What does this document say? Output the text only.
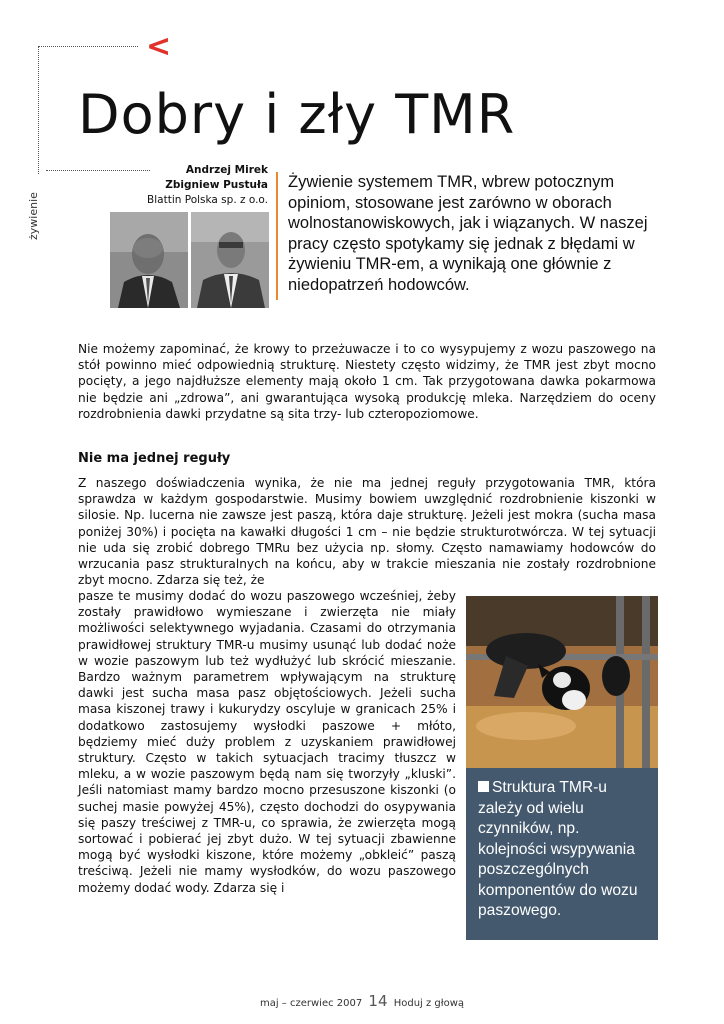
<
żywienie
Dobry i zły TMR
Andrzej Mirek
Zbigniew Pustuła
Blattin Polska sp. z o.o.
Żywienie systemem TMR, wbrew potocznym opiniom, stosowane jest zarówno w oborach wolnostanowiskowych, jak i wiązanych. W naszej pracy często spotykamy się jednak z błędami w żywieniu TMR-em, a wynikają one głównie z niedopatrzeń hodowców.

Nie możemy zapominać, że krowy to przeżuwacze i to co wysypujemy z wozu paszowego na stół powinno mieć odpowiednią strukturę. Niestety często widzimy, że TMR jest zbyt mocno pocięty, a jego najdłuższe elementy mają około 1 cm. Tak przygotowana dawka pokarmowa nie będzie ani „zdrowa”, ani gwarantująca wysoką produkcję mleka. Narzędziem do oceny rozdrobnienia dawki przydatne są sita trzy- lub czteropoziomowe.

Nie ma jednej reguły

Z naszego doświadczenia wynika, że nie ma jednej reguły przygotowania TMR, która sprawdza w każdym gospodarstwie. Musimy bowiem uwzględnić rozdrobnienie kiszonki w silosie. Np. lucerna nie zawsze jest paszą, która daje strukturę. Jeżeli jest mokra (sucha masa poniżej 30%) i pocięta na kawałki długości 1 cm – nie będzie strukturotwórcza. W tej sytuacji nie uda się zrobić dobrego TMRu bez użycia np. słomy. Często namawiamy hodowców do wrzucania pasz strukturalnych na końcu, aby w trakcie mieszania nie zostały rozdrobnione zbyt mocno. Zdarza się też, że

pasze te musimy dodać do wozu paszowego wcześniej, żeby zostały prawidłowo wymieszane i zwierzęta nie miały możliwości selektywnego wyjadania. Czasami do otrzymania prawidłowej struktury TMR-u musimy usunąć lub dodać noże w wozie paszowym lub też wydłużyć lub skrócić mieszanie. Bardzo ważnym parametrem wpływającym na strukturę dawki jest sucha masa pasz objętościowych. Jeżeli sucha masa kiszonej trawy i kukurydzy oscyluje w granicach 25% i dodatkowo zastosujemy wysłodki paszowe + młóto, będziemy mieć duży problem z uzyskaniem prawidłowej struktury. Często w takich sytuacjach tracimy tłuszcz w mleku, a w wozie paszowym będą nam się tworzyły „kluski”. Jeśli natomiast mamy bardzo mocno przesuszone kiszonki (o suchej masie powyżej 45%), często dochodzi do osypywania się paszy treściwej z TMR-u, co sprawia, że zwierzęta mogą sortować i pobierać jej zbyt dużo. W tej sytuacji zbawienne mogą być wysłodki kiszone, które możemy „obkleić” paszą treściwą. Jeżeli nie mamy wysłodków, do wozu paszowego możemy dodać wody. Zdarza się i

Struktura TMR-u zależy od wielu czynników, np. kolejności wsypywania poszczególnych komponentów do wozu paszowego.
maj – czerwiec 2007 14 Hoduj z głową
